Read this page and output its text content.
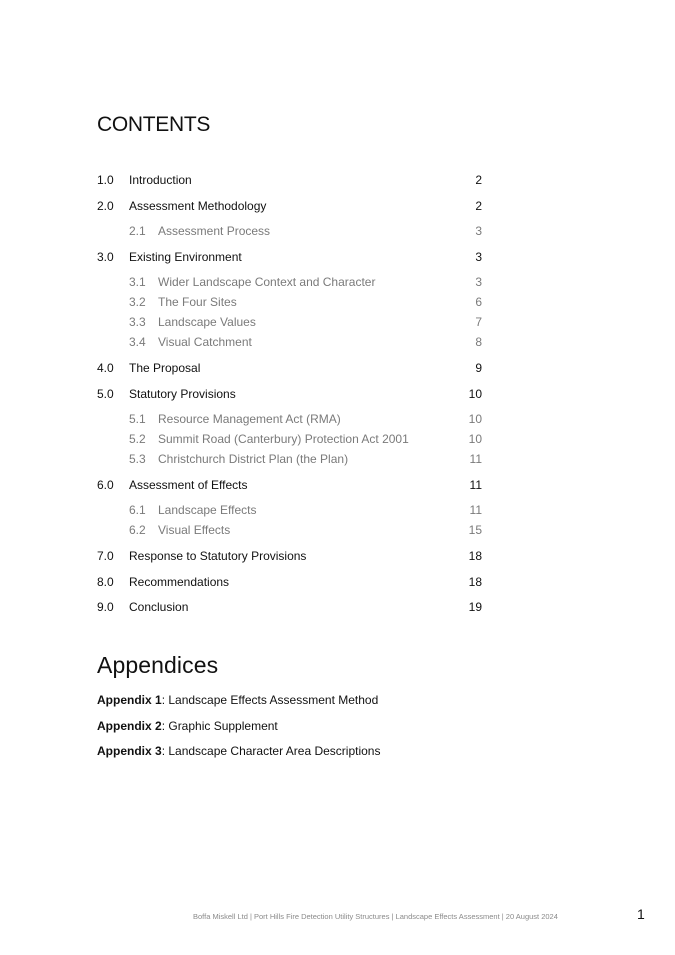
CONTENTS
1.0 Introduction	2
2.0 Assessment Methodology	2
2.1 Assessment Process	3
3.0 Existing Environment	3
3.1 Wider Landscape Context and Character	3
3.2 The Four Sites	6
3.3 Landscape Values	7
3.4 Visual Catchment	8
4.0 The Proposal	9
5.0 Statutory Provisions	10
5.1 Resource Management Act (RMA)	10
5.2 Summit Road (Canterbury) Protection Act 2001	10
5.3 Christchurch District Plan (the Plan)	11
6.0 Assessment of Effects	11
6.1 Landscape Effects	11
6.2 Visual Effects	15
7.0 Response to Statutory Provisions	18
8.0 Recommendations	18
9.0 Conclusion	19
Appendices
Appendix 1: Landscape Effects Assessment Method
Appendix 2: Graphic Supplement
Appendix 3: Landscape Character Area Descriptions
Boffa Miskell Ltd | Port Hills Fire Detection Utility Structures | Landscape Effects Assessment | 20 August 2024	1
